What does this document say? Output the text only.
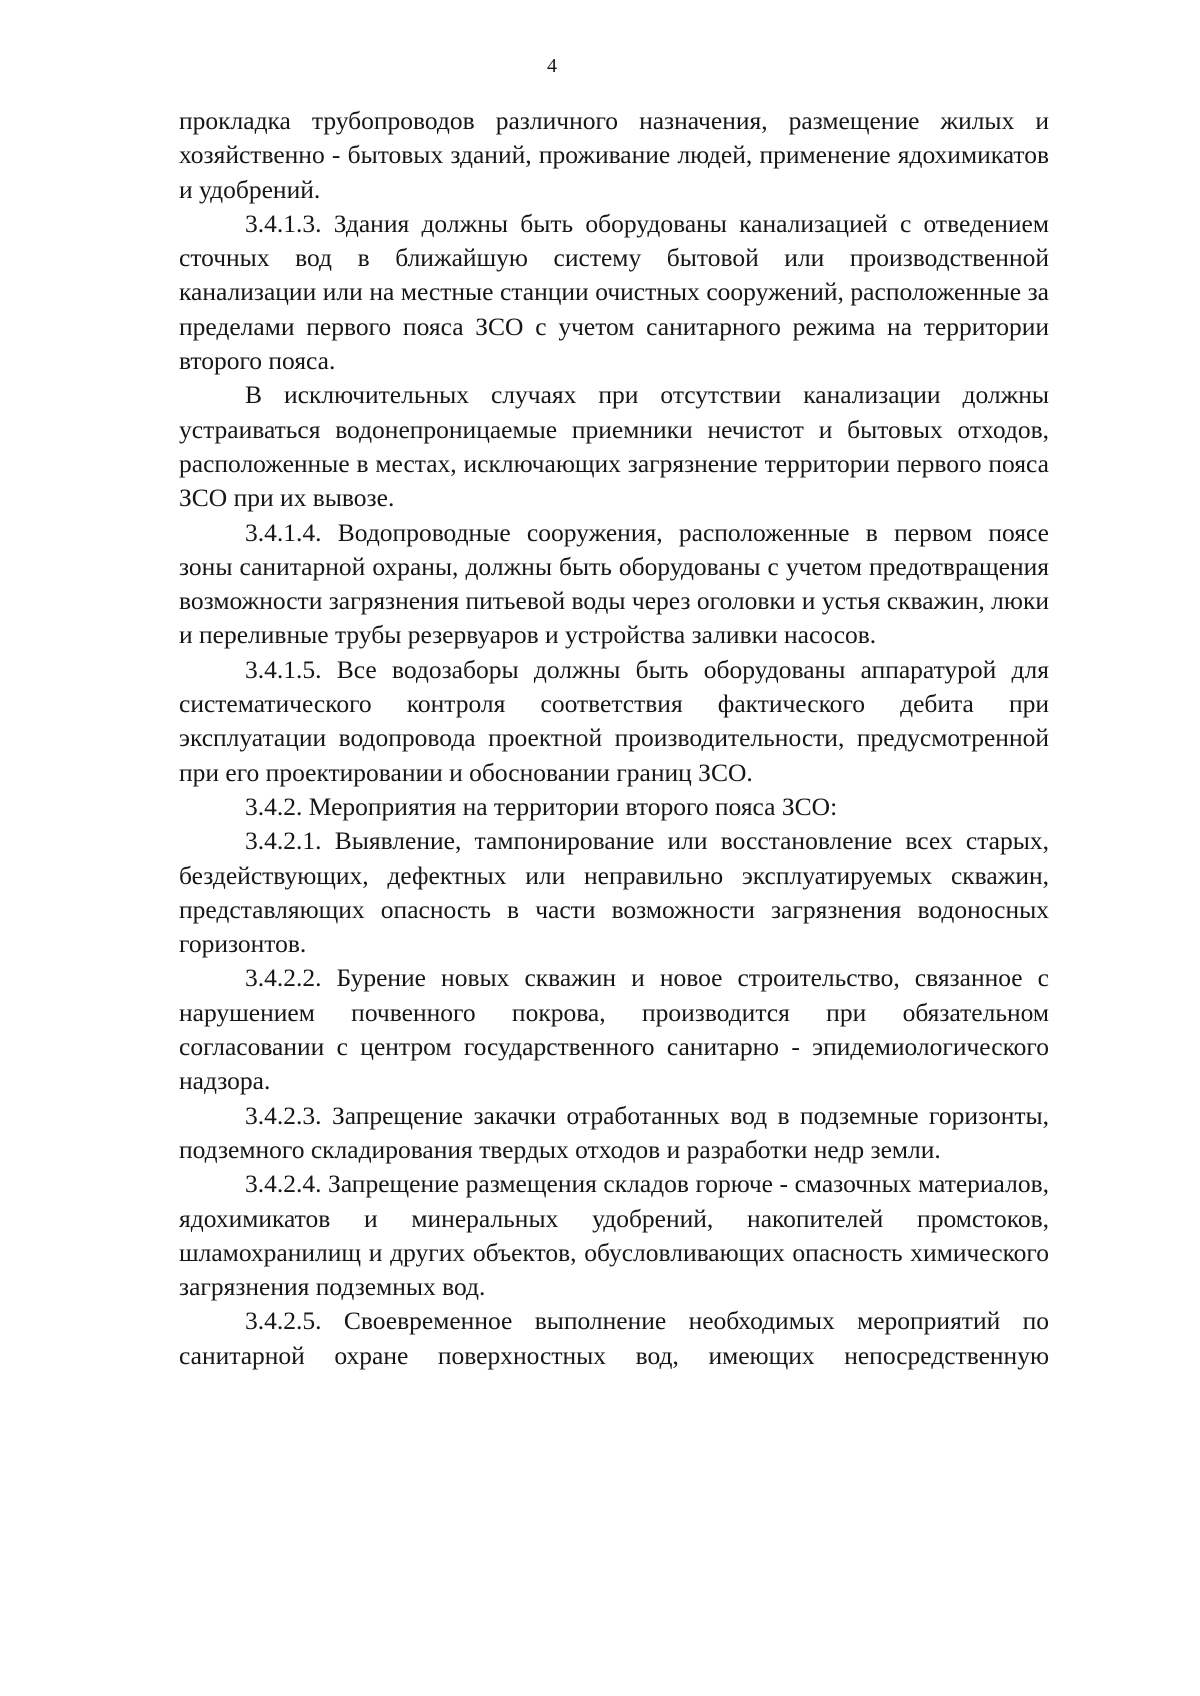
4

прокладка трубопроводов различного назначения, размещение жилых и хозяйственно - бытовых зданий, проживание людей, применение ядохимикатов и удобрений.

3.4.1.3. Здания должны быть оборудованы канализацией с отведением сточных вод в ближайшую систему бытовой или производственной канализации или на местные станции очистных сооружений, расположенные за пределами первого пояса ЗСО с учетом санитарного режима на территории второго пояса.

В исключительных случаях при отсутствии канализации должны устраиваться водонепроницаемые приемники нечистот и бытовых отходов, расположенные в местах, исключающих загрязнение территории первого пояса ЗСО при их вывозе.

3.4.1.4. Водопроводные сооружения, расположенные в первом поясе зоны санитарной охраны, должны быть оборудованы с учетом предотвращения возможности загрязнения питьевой воды через оголовки и устья скважин, люки и переливные трубы резервуаров и устройства заливки насосов.

3.4.1.5. Все водозаборы должны быть оборудованы аппаратурой для систематического контроля соответствия фактического дебита при эксплуатации водопровода проектной производительности, предусмотренной при его проектировании и обосновании границ ЗСО.

3.4.2. Мероприятия на территории второго пояса ЗСО:

3.4.2.1. Выявление, тампонирование или восстановление всех старых, бездействующих, дефектных или неправильно эксплуатируемых скважин, представляющих опасность в части возможности загрязнения водоносных горизонтов.

3.4.2.2. Бурение новых скважин и новое строительство, связанное с нарушением почвенного покрова, производится при обязательном согласовании с центром государственного санитарно - эпидемиологического надзора.

3.4.2.3. Запрещение закачки отработанных вод в подземные горизонты, подземного складирования твердых отходов и разработки недр земли.

3.4.2.4. Запрещение размещения складов горюче - смазочных материалов, ядохимикатов и минеральных удобрений, накопителей промстоков, шламохранилищ и других объектов, обусловливающих опасность химического загрязнения подземных вод.

3.4.2.5. Своевременное выполнение необходимых мероприятий по санитарной охране поверхностных вод, имеющих непосредственную
